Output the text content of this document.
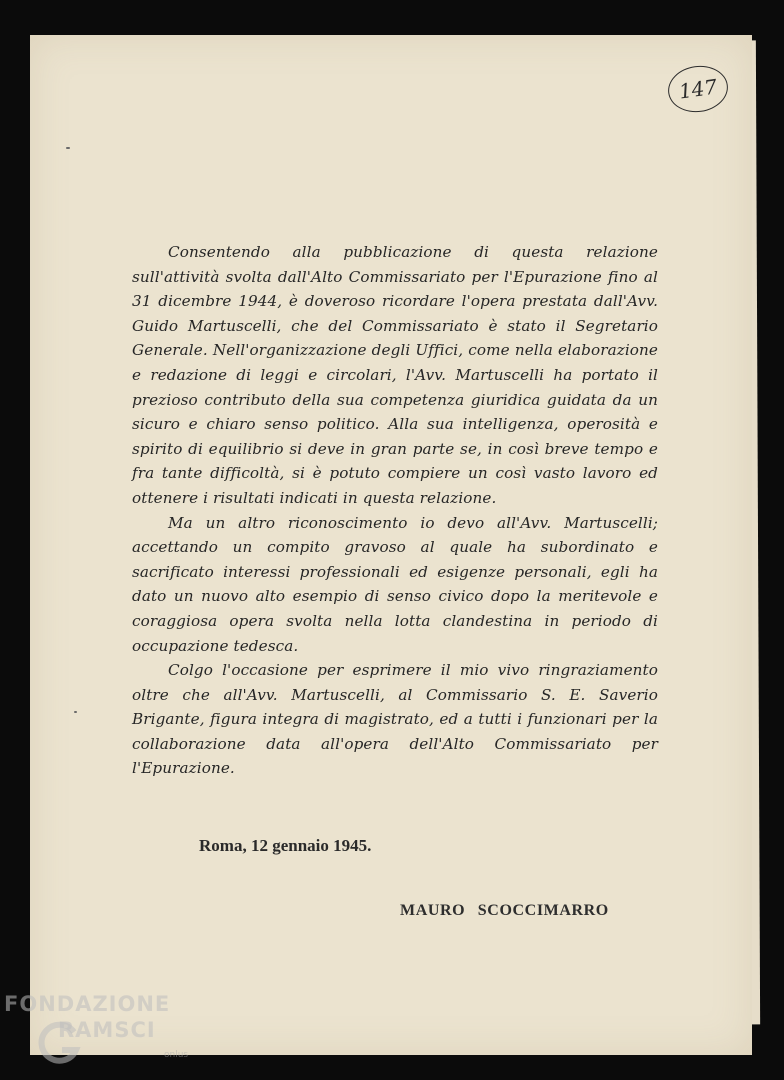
147

Consentendo alla pubblicazione di questa relazione sull'attività svolta dall'Alto Commissariato per l'Epurazione fino al 31 dicembre 1944, è doveroso ricordare l'opera prestata dall'Avv. Guido Martuscelli, che del Commissariato è stato il Segretario Generale. Nell'organizzazione degli Uffici, come nella elaborazione e redazione di leggi e circolari, l'Avv. Martuscelli ha portato il prezioso contributo della sua competenza giuridica guidata da un sicuro e chiaro senso politico. Alla sua intelligenza, operosità e spirito di equilibrio si deve in gran parte se, in così breve tempo e fra tante difficoltà, si è potuto compiere un così vasto lavoro ed ottenere i risultati indicati in questa relazione.

Ma un altro riconoscimento io devo all'Avv. Martuscelli; accettando un compito gravoso al quale ha subordinato e sacrificato interessi professionali ed esigenze personali, egli ha dato un nuovo alto esempio di senso civico dopo la meritevole e coraggiosa opera svolta nella lotta clandestina in periodo di occupazione tedesca.

Colgo l'occasione per esprimere il mio vivo ringraziamento oltre che all'Avv. Martuscelli, al Commissario S. E. Saverio Brigante, figura integra di magistrato, ed a tutti i funzionari per la collaborazione data all'opera dell'Alto Commissariato per l'Epurazione.

Roma, 12 gennaio 1945.
MAURO SCOCCIMARRO
FONDAZIONE
RAMSCI
onlus
